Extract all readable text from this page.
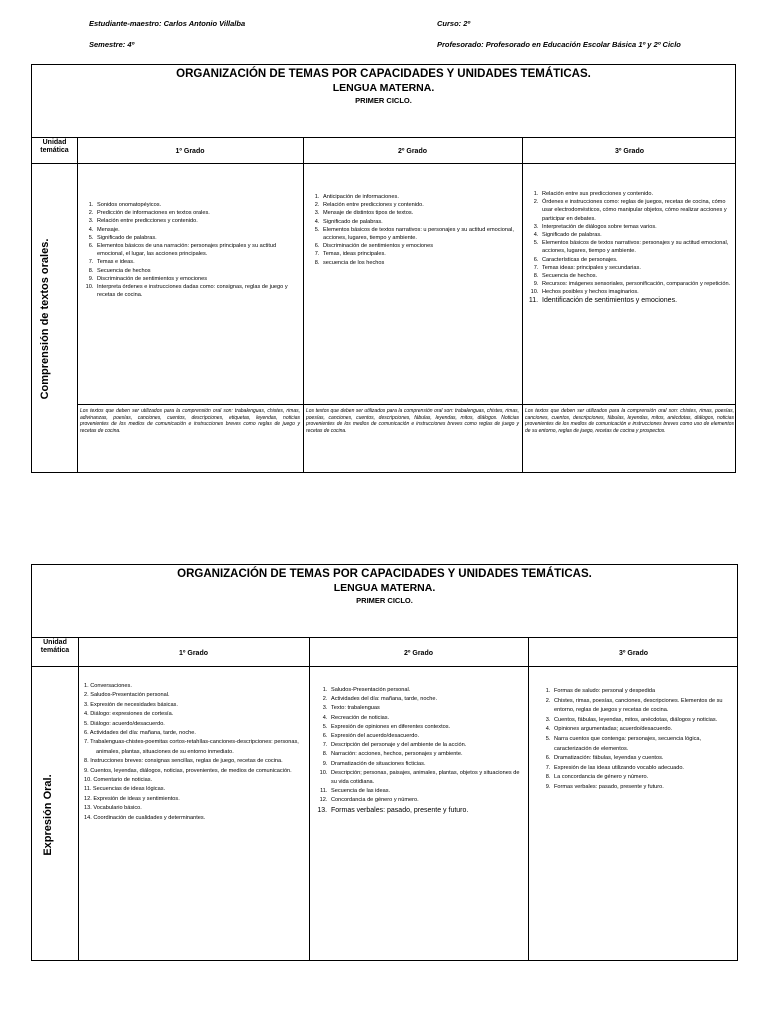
Estudiante-maestro: Carlos Antonio Villalba
Semestre: 4º
Curso: 2º
Profesorado: Profesorado en Educación Escolar Básica 1º y 2º Ciclo
ORGANIZACIÓN DE TEMAS POR CAPACIDADES Y UNIDADES TEMÁTICAS.
LENGUA MATERNA.
PRIMER CICLO.
Unidad temática	1º Grado	2º Grado	3º Grado
Comprensión de textos orales.
1. Sonidos onomatopéyicos.
2. Predicción de informaciones en textos orales.
3. Relación entre predicciones y contenido.
4. Mensaje.
5. Significado de palabras.
6. Elementos básicos de una narración: personajes principales y su actitud emocional, el lugar, las acciones principales.
7. Temas e ideas.
8. Secuencia de hechos
9. Discriminación de sentimientos y emociones
10. Interpreta órdenes e instrucciones dadas como: consignas, reglas de juego y recetas de cocina.
1. Anticipación de informaciones.
2. Relación entre predicciones y contenido.
3. Mensaje de distintos tipos de textos.
4. Significado de palabras.
5. Elementos básicos de textos narrativos: u personajes y su actitud emocional, acciones, lugares, tiempo y ambiente.
6. Discriminación de sentimientos y emociones
7. Temas, ideas principales.
8. secuencia de los hechos
1. Relación entre sus predicciones y contenido.
2. Órdenes e instrucciones como: reglas de juegos, recetas de cocina, cómo usar electrodomésticos, cómo manipular objetos, cómo realizar acciones y participar en debates.
3. Interpretación de diálogos sobre temas varios.
4. Significado de palabras.
5. Elementos básicos de textos narrativos: personajes y su actitud emocional, acciones, lugares, tiempo y ambiente.
6. Características de personajes.
7. Temas ideas: principales y secundarias.
8. Secuencia de hechos.
9. Recursos: imágenes sensoriales, personificación, comparación y repetición.
10. Hechos posibles y hechos imaginarios.
11. Identificación de sentimientos y emociones.
Los textos que deben ser utilizados para la comprensión oral son: trabalenguas, chistes, rimas, adivinanzas, poesías, canciones, cuentos, descripciones, etiquetas, leyendas, noticias provenientes de los medios de comunicación e instrucciones breves como reglas de juego y recetas de cocina.
Los textos que deben ser utilizados para la comprensión oral son: trabalenguas, chistes, rimas, poesías, canciones, cuentos, descripciones, fábulas, leyendas, mitos, diálogos. Noticias provenientes de los medios de comunicación e instrucciones breves como reglas de juego y recetas de cocina.
Los textos que deben ser utilizados para la comprensión oral son: chistes, rimas, poesías, canciones, cuentos, descripciones, fábulas, leyendas, mitos, anécdotas, diálogos, noticias provenientes de los medios de comunicación e instrucciones breves como uso de elementos de su entorno, reglas de juego, recetas de cocina y prospectos.
ORGANIZACIÓN DE TEMAS POR CAPACIDADES Y UNIDADES TEMÁTICAS.
LENGUA MATERNA.
PRIMER CICLO.
Unidad temática	1º Grado	2º Grado	3º Grado
Expresión Oral.
1. Conversaciones.
2. Saludos-Presentación personal.
3. Expresión de necesidades básicas.
4. Diálogo: expresiones de cortesía.
5. Diálogo: acuerdo/desacuerdo.
6. Actividades del día: mañana, tarde, noche.
7. Trabalenguas-chistes-poemitas cortos-retahílas-canciones-descripciones: personas, animales, plantas, situaciones de su entorno inmediato.
8. Instrucciones breves: consignas sencillas, reglas de juego, recetas de cocina.
9. Cuentos, leyendas, diálogos, noticias, provenientes, de medios de comunicación.
10. Comentario de noticias.
11. Secuencias de ideas lógicas.
12. Expresión de ideas y sentimientos.
13. Vocabulario básico.
14. Coordinación de cualidades y determinantes.
1. Saludos-Presentación personal.
2. Actividades del día: mañana, tarde, noche.
3. Texto: trabalenguas
4. Recreación de noticias.
5. Expresión de opiniones en diferentes contextos.
6. Expresión del acuerdo/desacuerdo.
7. Descripción del personaje y del ambiente de la acción.
8. Narración: acciones, hechos, personajes y ambiente.
9. Dramatización de situaciones ficticias.
10. Descripción; personas, paisajes, animales, plantas, objetos y situaciones de su vida cotidiana.
11. Secuencia de las ideas.
12. Concordancia de género y número.
13. Formas verbales: pasado, presente y futuro.
1. Formas de saludo: personal y despedida
2. Chistes, rimas, poesías, canciones, descripciones. Elementos de su entorno, reglas de juegos y recetas de cocina.
3. Cuentos, fábulas, leyendas, mitos, anécdotas, diálogos y noticias.
4. Opiniones argumentadas; acuerdo/desacuerdo.
5. Narra cuentos que contenga: personajes, secuencia lógica, caracterización de elementos.
6. Dramatización: fábulas, leyendas y cuentos.
7. Expresión de las ideas utilizando vocablo adecuado.
8. La concordancia de género y número.
9. Formas verbales: pasado, presente y futuro.
